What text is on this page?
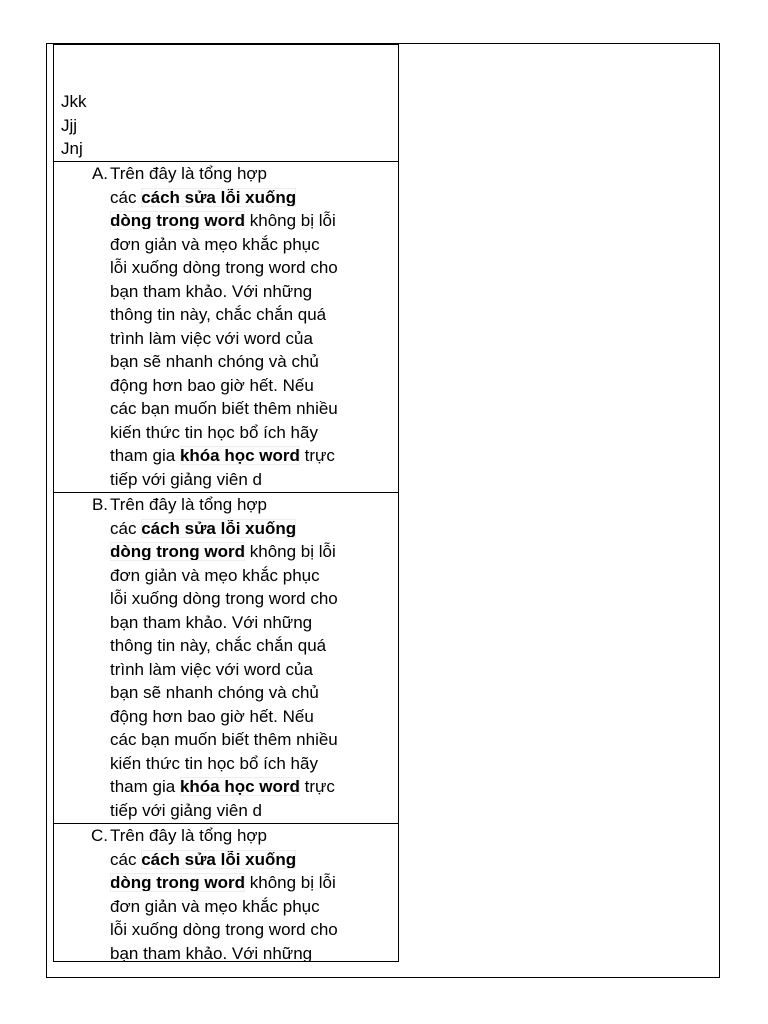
Jkk
Jjj
Jnj
A. Trên đây là tổng hợp
các cách sửa lỗi xuống
dòng trong word không bị lỗi
đơn giản và mẹo khắc phục
lỗi xuống dòng trong word cho
bạn tham khảo. Với những
thông tin này, chắc chắn quá
trình làm việc với word của
bạn sẽ nhanh chóng và chủ
động hơn bao giờ hết. Nếu
các bạn muốn biết thêm nhiều
kiến thức tin học bổ ích hãy
tham gia khóa học word trực
tiếp với giảng viên d
B. Trên đây là tổng hợp
các cách sửa lỗi xuống
dòng trong word không bị lỗi
đơn giản và mẹo khắc phục
lỗi xuống dòng trong word cho
bạn tham khảo. Với những
thông tin này, chắc chắn quá
trình làm việc với word của
bạn sẽ nhanh chóng và chủ
động hơn bao giờ hết. Nếu
các bạn muốn biết thêm nhiều
kiến thức tin học bổ ích hãy
tham gia khóa học word trực
tiếp với giảng viên d
C. Trên đây là tổng hợp
các cách sửa lỗi xuống
dòng trong word không bị lỗi
đơn giản và mẹo khắc phục
lỗi xuống dòng trong word cho
bạn tham khảo. Với những
